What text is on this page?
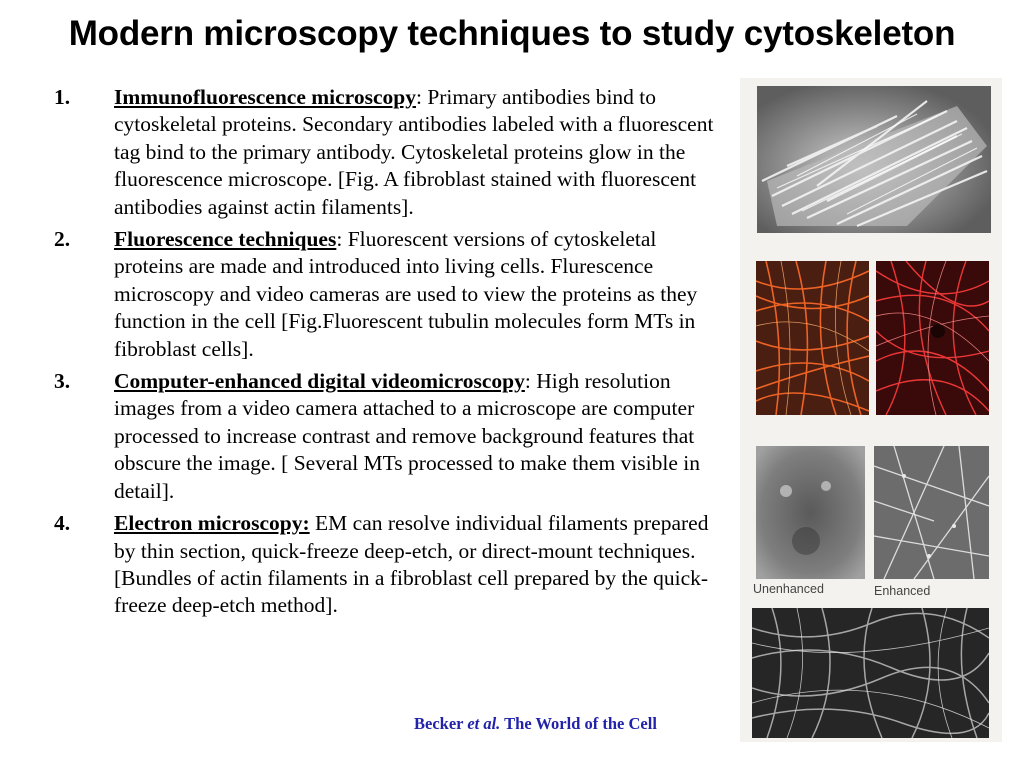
Modern microscopy techniques to study cytoskeleton
1. Immunofluorescence microscopy: Primary antibodies bind to cytoskeletal proteins. Secondary antibodies labeled with a fluorescent tag bind to the primary antibody. Cytoskeletal proteins glow in the fluorescence microscope. [Fig. A fibroblast stained with fluorescent antibodies against actin filaments].
2. Fluorescence techniques: Fluorescent versions of cytoskeletal proteins are made and introduced into living cells. Flurescence microscopy and video cameras are used to view the proteins as they function in the cell [Fig.Fluorescent tubulin molecules form MTs in fibroblast cells].
3. Computer-enhanced digital videomicroscopy: High resolution images from a video camera attached to a microscope are computer processed to increase contrast and remove background features that obscure the image. [ Several MTs processed to make them visible in detail].
4. Electron microscopy: EM can resolve individual filaments prepared by thin section, quick-freeze deep-etch, or direct-mount techniques. [Bundles of actin filaments in a fibroblast cell prepared by the quick-freeze deep-etch method].
Becker et al. The World of the Cell
Unenhanced	Enhanced
